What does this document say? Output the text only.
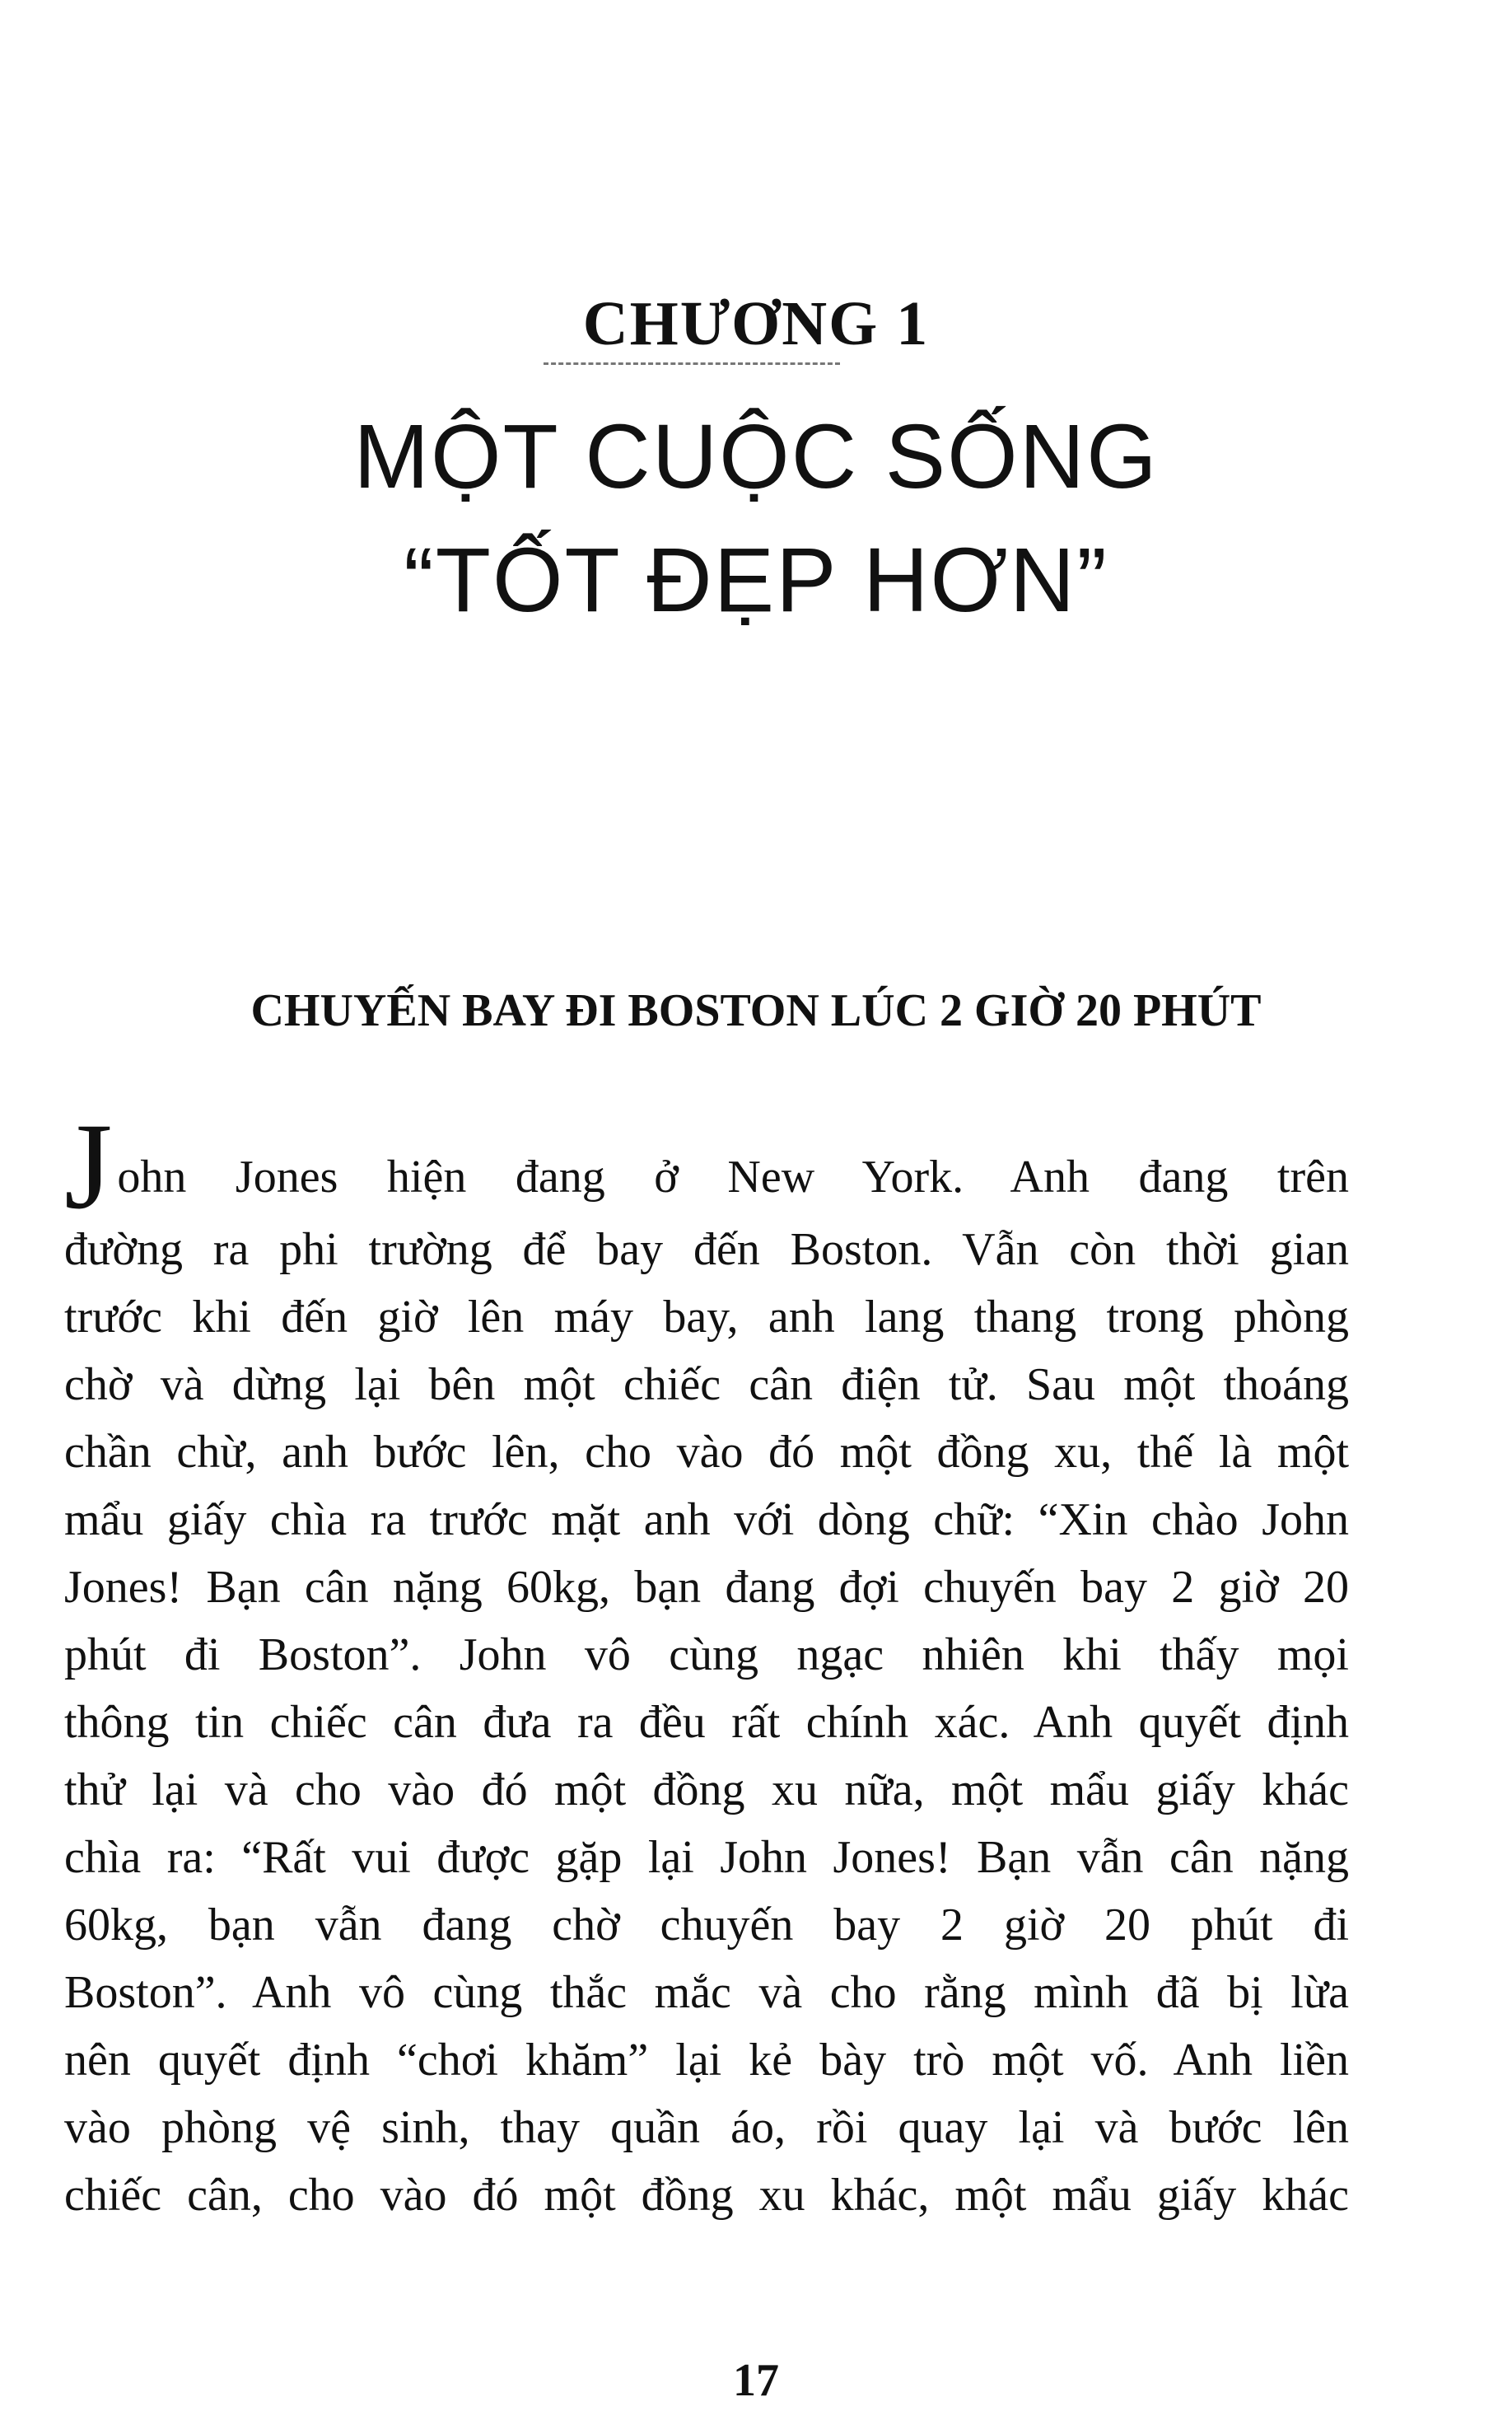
CHƯƠNG 1
MỘT CUỘC SỐNG
“TỐT ĐẸP HƠN”
CHUYẾN BAY ĐI BOSTON LÚC 2 GIỜ 20 PHÚT
J ohn Jones hiện đang ở New York. Anh đang trên
đường ra phi trường để bay đến Boston. Vẫn còn thời gian
trước khi đến giờ lên máy bay, anh lang thang trong phòng
chờ và dừng lại bên một chiếc cân điện tử. Sau một thoáng
chần chừ, anh bước lên, cho vào đó một đồng xu, thế là một
mẩu giấy chìa ra trước mặt anh với dòng chữ: “Xin chào John
Jones! Bạn cân nặng 60kg, bạn đang đợi chuyến bay 2 giờ 20
phút đi Boston”. John vô cùng ngạc nhiên khi thấy mọi
thông tin chiếc cân đưa ra đều rất chính xác. Anh quyết định
thử lại và cho vào đó một đồng xu nữa, một mẩu giấy khác
chìa ra: “Rất vui được gặp lại John Jones! Bạn vẫn cân nặng
60kg, bạn vẫn đang chờ chuyến bay 2 giờ 20 phút đi
Boston”. Anh vô cùng thắc mắc và cho rằng mình đã bị lừa
nên quyết định “chơi khăm” lại kẻ bày trò một vố. Anh liền
vào phòng vệ sinh, thay quần áo, rồi quay lại và bước lên
chiếc cân, cho vào đó một đồng xu khác, một mẩu giấy khác
17
